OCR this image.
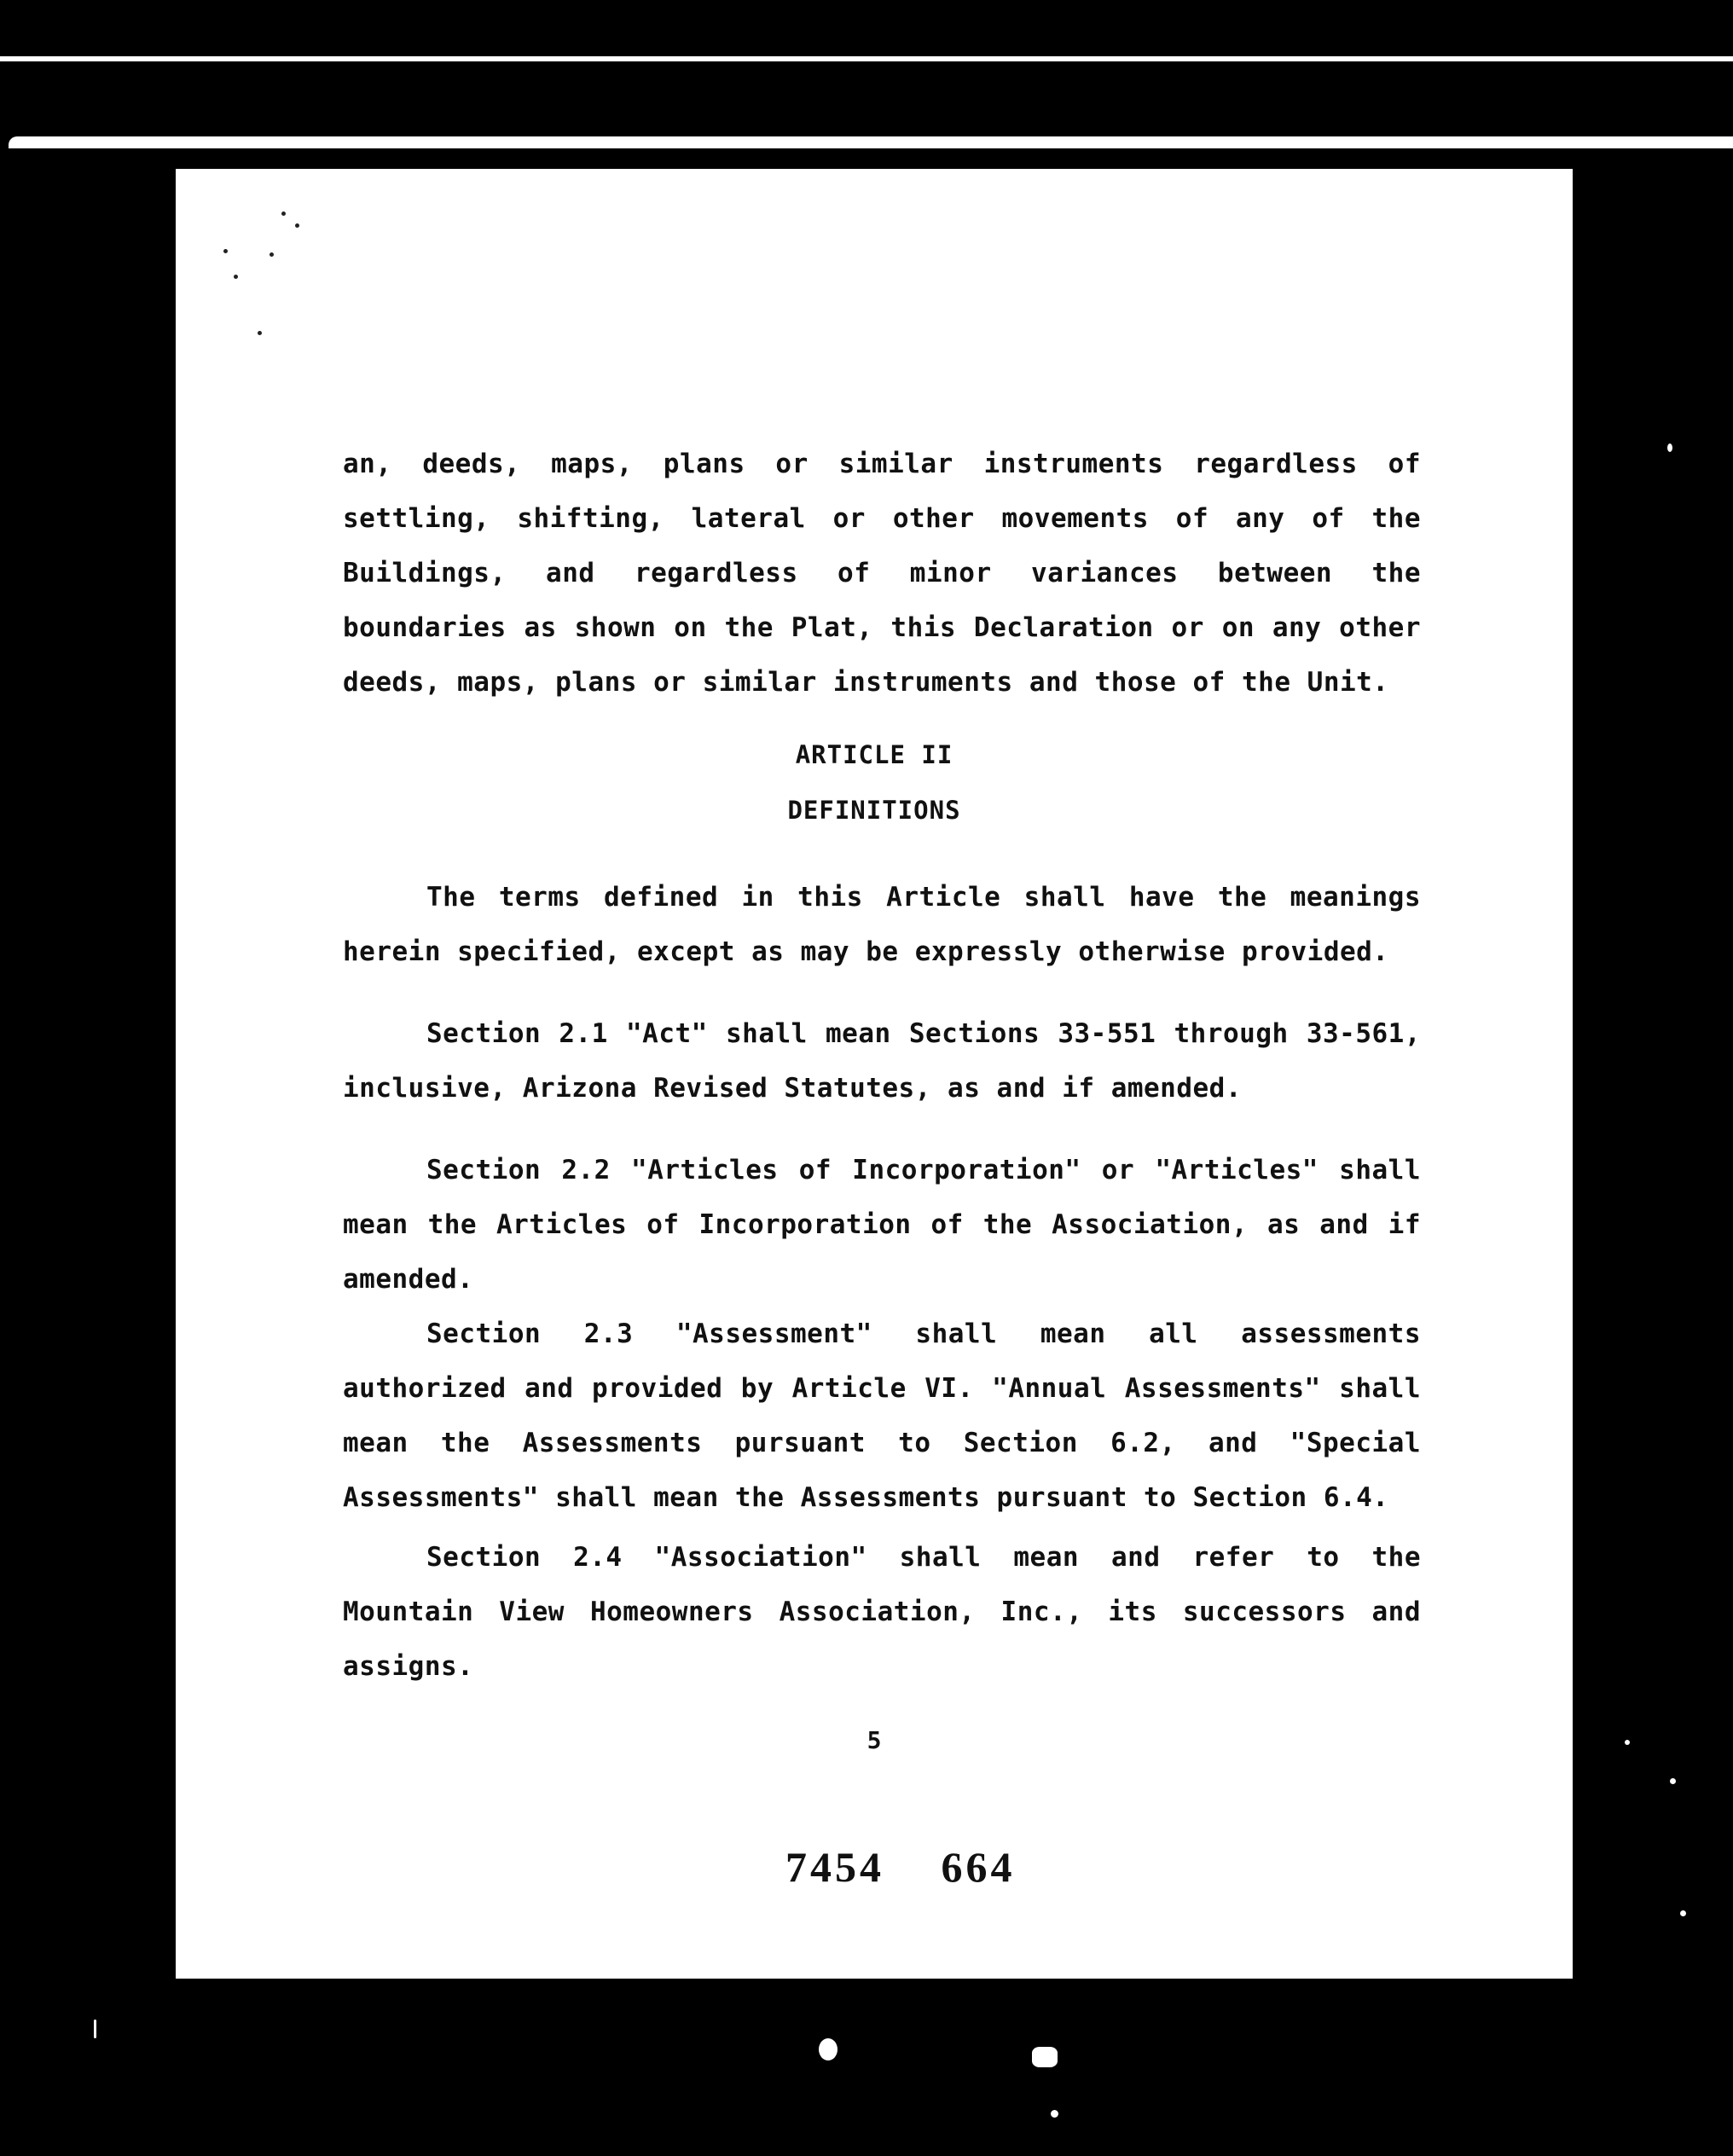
an, deeds, maps, plans or similar instruments regardless of settling, shifting, lateral or other movements of any of the Buildings, and regardless of minor variances between the boundaries as shown on the Plat, this Declaration or on any other deeds, maps, plans or similar instruments and those of the Unit.

ARTICLE II
DEFINITIONS

The terms defined in this Article shall have the meanings herein specified, except as may be expressly otherwise provided.

Section 2.1 "Act" shall mean Sections 33-551 through 33-561, inclusive, Arizona Revised Statutes, as and if amended.

Section 2.2 "Articles of Incorporation" or "Articles" shall mean the Articles of Incorporation of the Association, as and if amended.

Section 2.3 "Assessment" shall mean all assessments authorized and provided by Article VI. "Annual Assessments" shall mean the Assessments pursuant to Section 6.2, and "Special Assessments" shall mean the Assessments pursuant to Section 6.4.

Section 2.4 "Association" shall mean and refer to the Mountain View Homeowners Association, Inc., its successors and assigns.

5
7454 664
